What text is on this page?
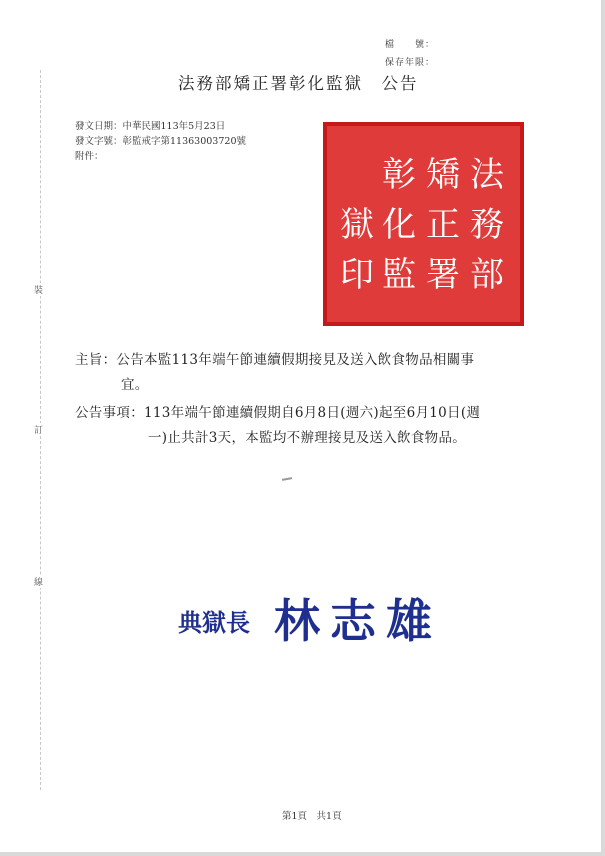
裝
訂
線
檔　　號：
保存年限：
法務部矯正署彰化監獄　公告
發文日期：中華民國113年5月23日
發文字號：彰監戒字第11363003720號
附件：	法
務
部
矯
正
署
彰
化
監
獄
印
主旨：公告本監113年端午節連續假期接見及送入飲食物品相關事
宜。
公告事項：113年端午節連續假期自6月8日(週六)起至6月10日(週
一)止共計3天，本監均不辦理接見及送入飲食物品。
典獄長 林志雄
第1頁　共1頁
